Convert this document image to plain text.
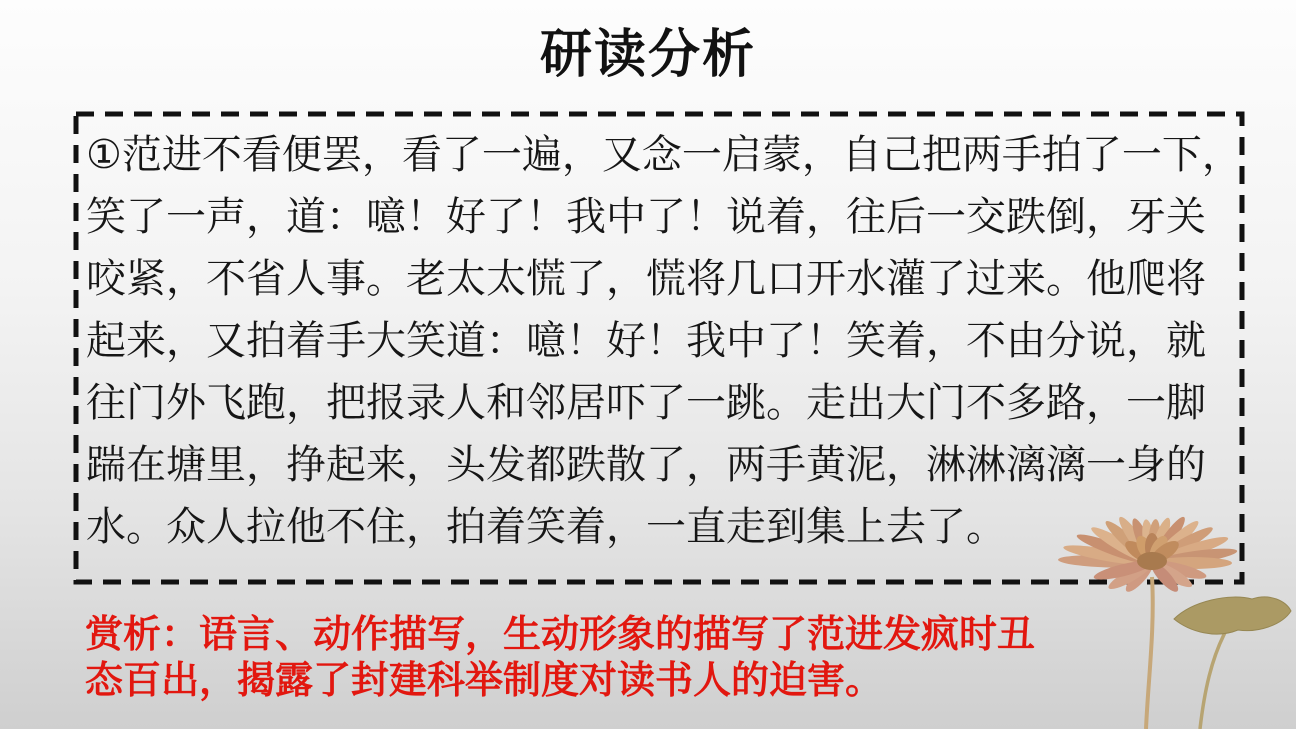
研读分析
①范进不看便罢，看了一遍，又念一启蒙，自己把两手拍了一下，
笑了一声，道：噫！好了！我中了！说着，往后一交跌倒，牙关
咬紧，不省人事。老太太慌了，慌将几口开水灌了过来。他爬将
起来，又拍着手大笑道：噫！好！我中了！笑着，不由分说，就
往门外飞跑，把报录人和邻居吓了一跳。走出大门不多路，一脚
踹在塘里，挣起来，头发都跌散了，两手黄泥，淋淋漓漓一身的
水。众人拉他不住，拍着笑着，一直走到集上去了。
赏析：语言、动作描写，生动形象的描写了范进发疯时丑
态百出，揭露了封建科举制度对读书人的迫害。
